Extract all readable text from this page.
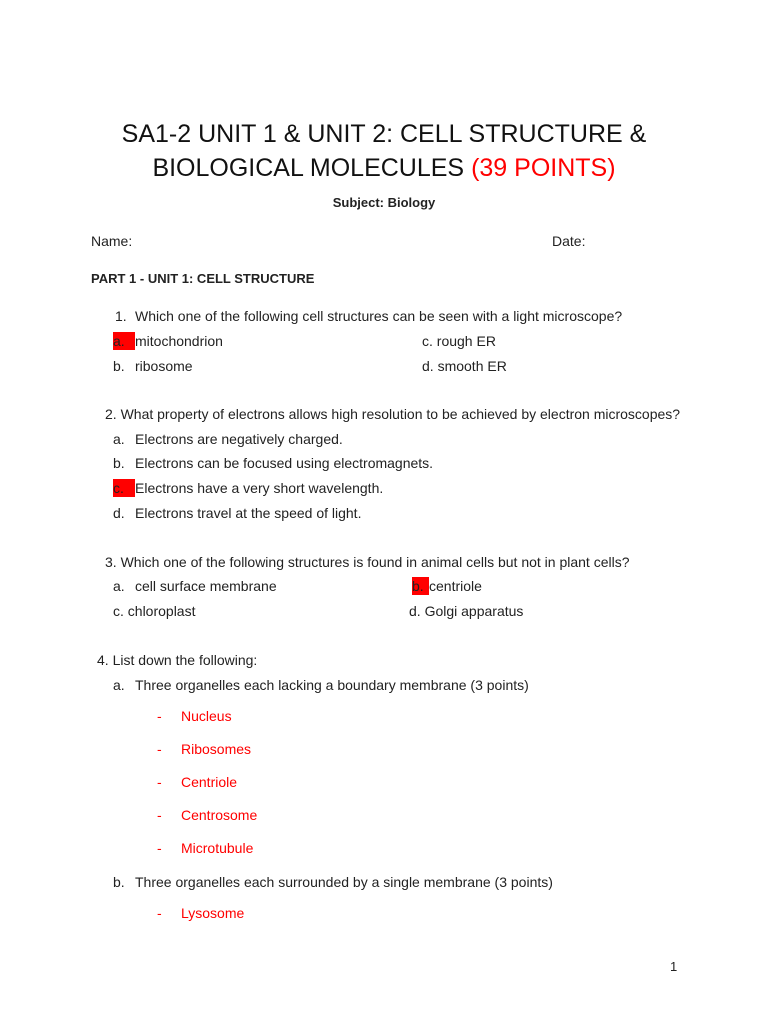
SA1-2 UNIT 1 & UNIT 2: CELL STRUCTURE &
BIOLOGICAL MOLECULES (39 POINTS)
Subject: Biology
Name:	Date:
PART 1 - UNIT 1: CELL STRUCTURE
1. Which one of the following cell structures can be seen with a light microscope?
a. mitochondrion
b. ribosome
c. rough ER
d. smooth ER
2. What property of electrons allows high resolution to be achieved by electron microscopes?
a. Electrons are negatively charged.
b. Electrons can be focused using electromagnets.
c. Electrons have a very short wavelength.
d. Electrons travel at the speed of light.
3. Which one of the following structures is found in animal cells but not in plant cells?
a. cell surface membrane	b. centriole
c. chloroplast	d. Golgi apparatus
4. List down the following:
a. Three organelles each lacking a boundary membrane (3 points)
- Nucleus
- Ribosomes
- Centriole
- Centrosome
- Microtubule
b. Three organelles each surrounded by a single membrane (3 points)
- Lysosome
1
